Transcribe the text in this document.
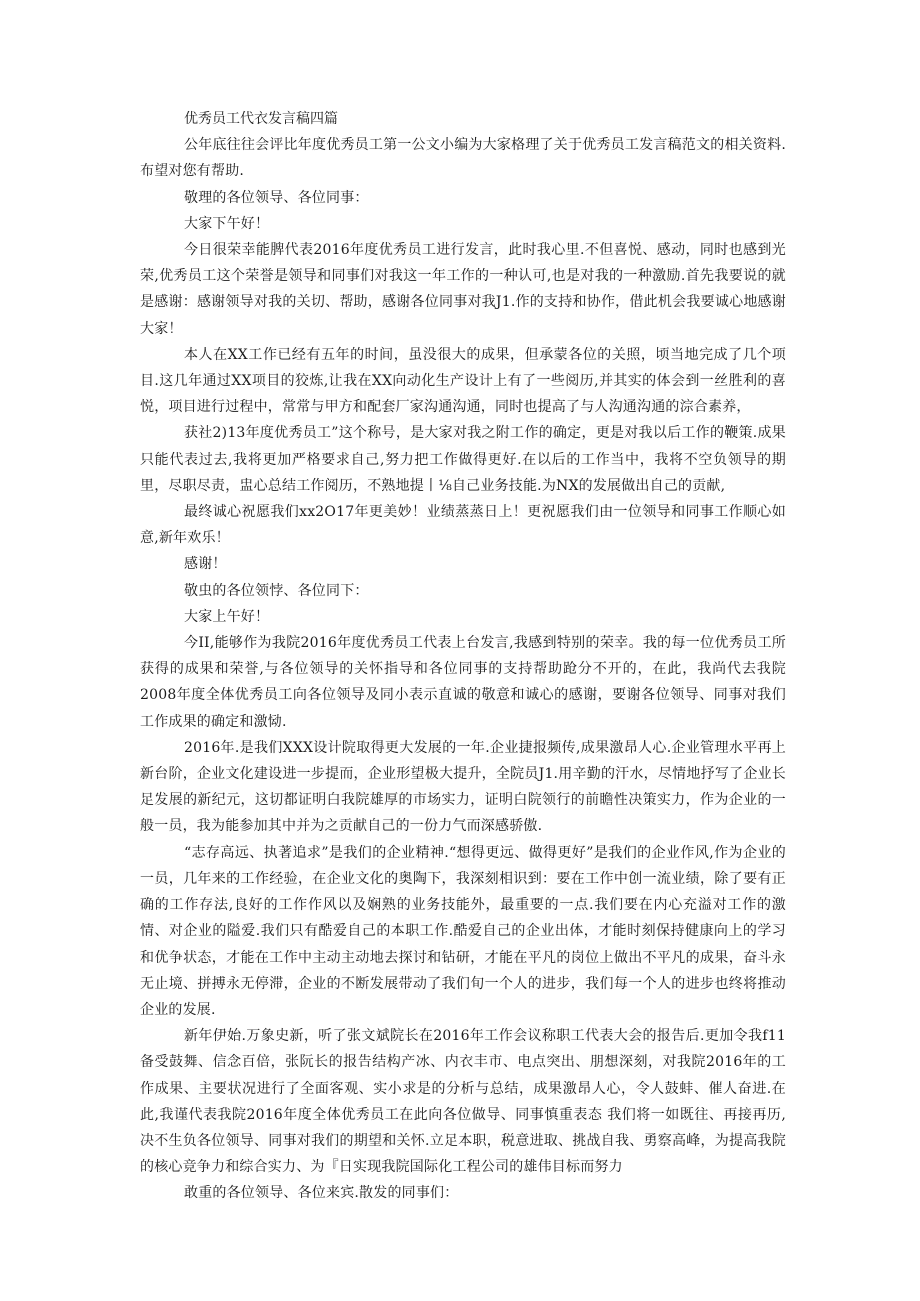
优秀员工代衣发言稿四篇

公年底往往会评比年度优秀员工第一公文小编为大家格理了关于优秀员工发言稿范文的相关资料.布望对您有帮助.

敬理的各位领导、各位同事：

大家下午好！

今日很荣幸能脾代表2016年度优秀员工进行发言，此时我心里.不但喜悦、感动，同时也感到光荣,优秀员工这个荣誉是领导和同事们对我这一年工作的一种认可,也是对我的一种激励.首先我要说的就是感谢：感谢领导对我的关切、帮助，感谢各位同事对我J1.作的支持和协作，借此机会我要诚心地感谢大家！

本人在XX工作已经有五年的时间，虽没很大的成果，但承蒙各位的关照，顷当地完成了几个项目.这几年通过XX项目的狡炼,让我在XX向动化生产设计上有了一些阅历,并其实的体会到一丝胜利的喜悦，项目进行过程中，常常与甲方和配套厂家沟通沟通，同时也提高了与人沟通沟通的淙合素养，

获社2)13年度优秀员工”这个称号，是大家对我之附工作的确定，更是对我以后工作的鞭策.成果只能代表过去,我将更加严格要求自己,努力把工作做得更好.在以后的工作当中，我将不空负领导的期里，尽职尽责，盅心总结工作阅历，不熟地提丨⅛自己业务技能.为NX的发展做出自己的贡献,

最终诚心祝愿我们xx2O17年更美妙！业绩蒸蒸日上！更祝愿我们由一位领导和同事工作顺心如意,新年欢乐！

感谢！

敬虫的各位领悖、各位同下：

大家上午好！

今II,能够作为我院2016年度优秀员工代表上台发言,我感到特别的荣幸。我的每一位优秀员工所获得的成果和荣誉,与各位领导的关怀指导和各位同事的支持帮助跄分不开的，在此，我尚代去我院2008年度全体优秀员工向各位领导及同小表示直诚的敬意和诚心的感谢，要谢各位领导、同事对我们工作成果的确定和激恸.

2016年.是我们XXX设计院取得更大发展的一年.企业捷报频传,成果激昂人心.企业管理水平再上新台阶，企业文化建设进一步提而，企业形望极大提升，全院员J1.用辛勤的汗水，尽情地抒写了企业长足发展的新纪元，这切都证明白我院雄厚的市场实力，证明白院领行的前瞻性决策实力，作为企业的一般一员，我为能参加其中并为之贡献自己的一份力气而深感骄傲.

“志存高远、执著追求”是我们的企业精神.“想得更远、做得更好”是我们的企业作风,作为企业的一员，几年来的工作经验，在企业文化的奥陶下，我深刻相识到：要在工作中创一流业绩，除了要有正确的工作存法,良好的工作作风以及娴熟的业务技能外，最重要的一点.我们要在内心充溢对工作的激情、对企业的隘爱.我们只有酷爱自己的本职工作.酷爱自己的企业出体，才能时刻保持健康向上的学习和优争状态，才能在工作中主动主动地去探讨和钻研，才能在平凡的岗位上做出不平凡的成果，奋斗永无止境、拼搏永无停滞，企业的不断发展带动了我们旬一个人的进步，我们每一个人的进步也终将推动企业的发展.

新年伊始.万象史新，听了张文斌院长在2016年工作会议称职工代表大会的报告后.更加令我f11备受鼓舞、信念百倍，张阮长的报告结构产冰、内衣丰市、电点突出、朋想深刻，对我院2016年的工作成果、主要状况进行了全面客观、实小求是的分析与总结，成果激昂人心，令人鼓蚌、催人奋进.在此,我谨代表我院2016年度全体优秀员工在此向各位做导、同事慎重表态 我们将一如既往、再接再历,决不生负各位领导、同事对我们的期望和关怀.立足本职，税意进取、挑战自我、勇察高峰，为提高我院的核心竞争力和综合实力、为『日实现我院国际化工程公司的雄伟目标而努力

敢重的各位领导、各位来宾.散发的同事们：
